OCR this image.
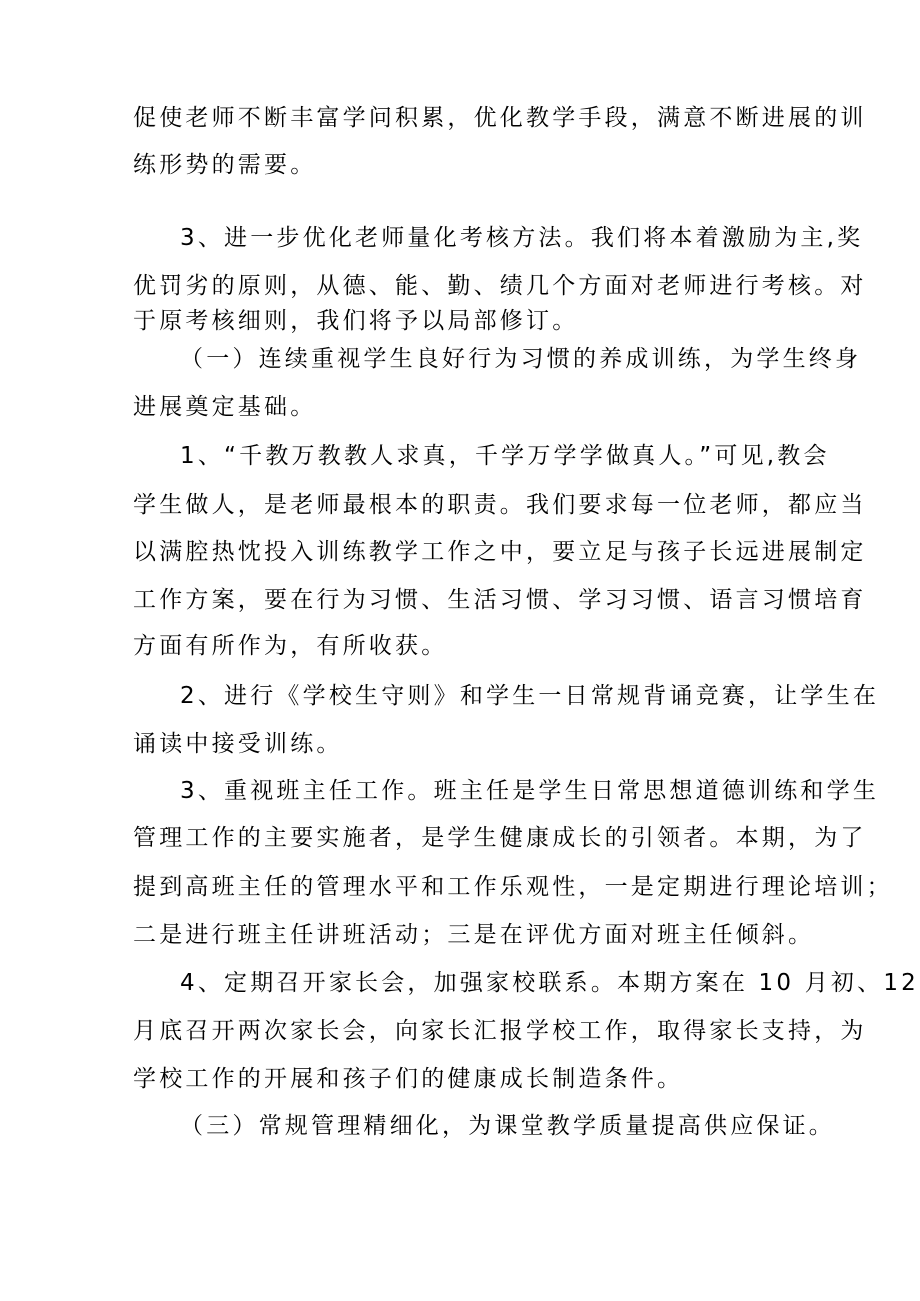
促使老师不断丰富学问积累，优化教学手段，满意不断进展的训

练形势的需要。

3、进一步优化老师量化考核方法。我们将本着激励为主,奖

优罚劣的原则，从德、能、勤、绩几个方面对老师进行考核。对

于原考核细则，我们将予以局部修订。

（一）连续重视学生良好行为习惯的养成训练，为学生终身

进展奠定基础。

1、“千教万教教人求真，千学万学学做真人。”可见,教会

学生做人，是老师最根本的职责。我们要求每一位老师，都应当

以满腔热忱投入训练教学工作之中，要立足与孩子长远进展制定

工作方案，要在行为习惯、生活习惯、学习习惯、语言习惯培育

方面有所作为，有所收获。

2、进行《学校生守则》和学生一日常规背诵竞赛，让学生在

诵读中接受训练。

3、重视班主任工作。班主任是学生日常思想道德训练和学生

管理工作的主要实施者，是学生健康成长的引领者。本期，为了

提到高班主任的管理水平和工作乐观性，一是定期进行理论培训；

二是进行班主任讲班活动；三是在评优方面对班主任倾斜。

4、定期召开家长会，加强家校联系。本期方案在 10 月初、12

月底召开两次家长会，向家长汇报学校工作，取得家长支持，为

学校工作的开展和孩子们的健康成长制造条件。

（三）常规管理精细化，为课堂教学质量提高供应保证。
